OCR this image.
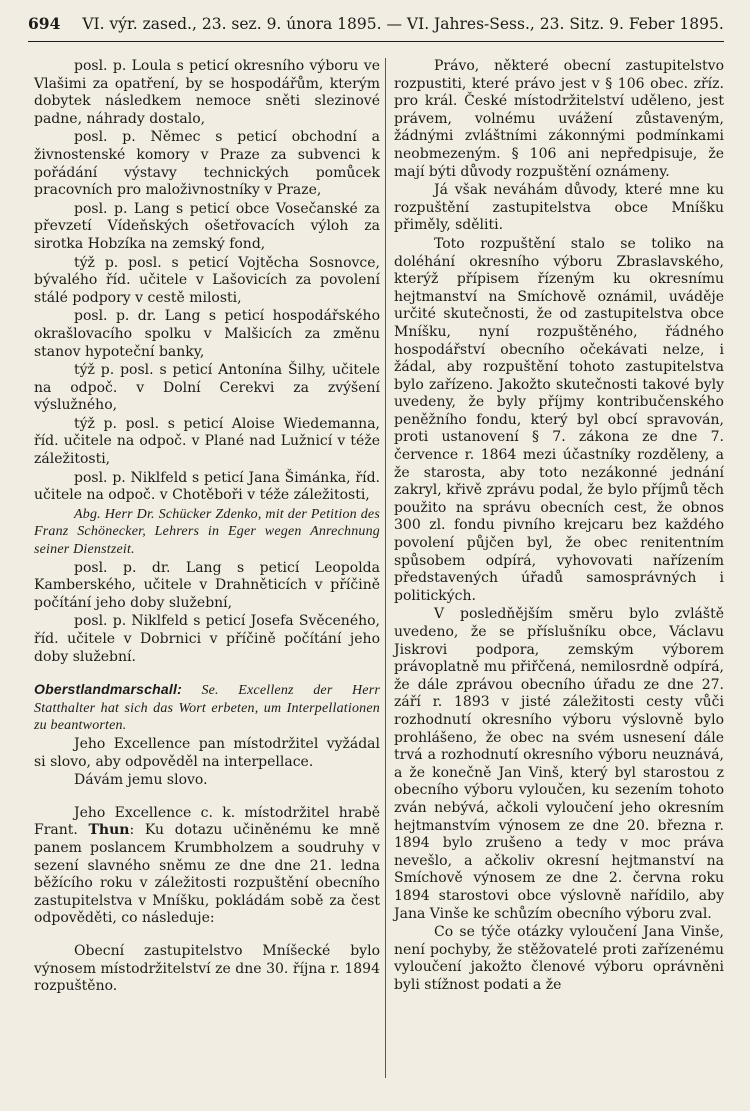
694 VI. výr. zased., 23. sez. 9. února 1895. — VI. Jahres-Sess., 23. Sitz. 9. Feber 1895.

posl. p. Loula s peticí okresního výboru ve Vlašimi za opatření, by se hospodářům, kterým dobytek následkem nemoce sněti slezinové padne, náhrady dostalo,

posl. p. Němec s peticí obchodní a živnostenské komory v Praze za subvenci k pořádání výstavy technických pomůcek pracovních pro maloživnostníky v Praze,

posl. p. Lang s peticí obce Vosečanské za převzetí Vídeňských ošetřovacích výloh za sirotka Hobzíka na zemský fond,

týž p. posl. s peticí Vojtěcha Sosnovce, bývalého říd. učitele v Lašovicích za povolení stálé podpory v cestě milosti,

posl. p. dr. Lang s peticí hospodářského okrašlovacího spolku v Malšicích za změnu stanov hypoteční banky,

týž p. posl. s peticí Antonína Šilhy, učitele na odpoč. v Dolní Cerekvi za zvýšení výslužného,

týž p. posl. s peticí Aloise Wiedemanna, říd. učitele na odpoč. v Plané nad Lužnicí v téže záležitosti,

posl. p. Niklfeld s peticí Jana Šimánka, říd. učitele na odpoč. v Chotěboři v téže záležitosti,

Abg. Herr Dr. Schücker Zdenko, mit der Petition des Franz Schönecker, Lehrers in Eger wegen Anrechnung seiner Dienstzeit.

posl. p. dr. Lang s peticí Leopolda Kamberského, učitele v Drahněticích v příčině počítání jeho doby služební,

posl. p. Niklfeld s peticí Josefa Svěceného, říd. učitele v Dobrnici v příčině počítání jeho doby služební.

Oberstlandmarschall: Se. Excellenz der Herr Statthalter hat sich das Wort erbeten, um Interpellationen zu beantworten.

Jeho Excellence pan místodržitel vyžádal si slovo, aby odpověděl na interpellace.

Dávám jemu slovo.

Jeho Excellence c. k. místodržitel hrabě Frant. Thun: Ku dotazu učiněnému ke mně panem poslancem Krumbholzem a soudruhy v sezení slavného sněmu ze dne dne 21. ledna běžícího roku v záležitosti rozpuštění obecního zastupitelstva v Mníšku, pokládám sobě za čest odpověděti, co následuje:

Obecní zastupitelstvo Mníšecké bylo výnosem místodržitelství ze dne 30. října r. 1894 rozpuštěno.

Právo, některé obecní zastupitelstvo rozpustiti, které právo jest v § 106 obec. zříz. pro král. České místodržitelství uděleno, jest právem, volnému uvážení zůstaveným, žádnými zvláštními zákonnými podmínkami neobmezeným. § 106 ani nepředpisuje, že mají býti důvody rozpuštění oznámeny.

Já však neváhám důvody, které mne ku rozpuštění zastupitelstva obce Mníšku přiměly, sděliti.

Toto rozpuštění stalo se toliko na doléhání okresního výboru Zbraslavského, kterýž přípisem řízeným ku okresnímu hejtmanství na Smíchově oznámil, uváděje určité skutečnosti, že od zastupitelstva obce Mníšku, nyní rozpuštěného, řádného hospodářství obecního očekávati nelze, i žádal, aby rozpuštění tohoto zastupitelstva bylo zařízeno. Jakožto skutečnosti takové byly uvedeny, že byly příjmy kontribučenského peněžního fondu, který byl obcí spravován, proti ustanovení § 7. zákona ze dne 7. července r. 1864 mezi účastníky rozděleny, a že starosta, aby toto nezákonné jednání zakryl, křivě zprávu podal, že bylo příjmů těch použito na správu obecních cest, že obnos 300 zl. fondu pivního krejcaru bez každého povolení půjčen byl, že obec renitentním spůsobem odpírá, vyhovovati nařízením představených úřadů samosprávných i politických.

V posledňějším směru bylo zvláště uvedeno, že se příslušníku obce, Václavu Jiskrovi podpora, zemským výborem právoplatně mu přiřčená, nemilosrdně odpírá, že dále zprávou obecního úřadu ze dne 27. září r. 1893 v jisté záležitosti cesty vůči rozhodnutí okresního výboru výslovně bylo prohlášeno, že obec na svém usnesení dále trvá a rozhodnutí okresního výboru neuznává, a že konečně Jan Vinš, který byl starostou z obecního výboru vyloučen, ku sezením tohoto zván nebývá, ačkoli vyloučení jeho okresním hejtmanstvím výnosem ze dne 20. března r. 1894 bylo zrušeno a tedy v moc práva nevešlo, a ačkoliv okresní hejtmanství na Smíchově výnosem ze dne 2. června roku 1894 starostovi obce výslovně nařídilo, aby Jana Vinše ke schůzím obecního výboru zval.

Co se týče otázky vyloučení Jana Vinše, není pochyby, že stěžovatelé proti zařízenému vyloučení jakožto členové výboru oprávněni byli stížnost podati a že
